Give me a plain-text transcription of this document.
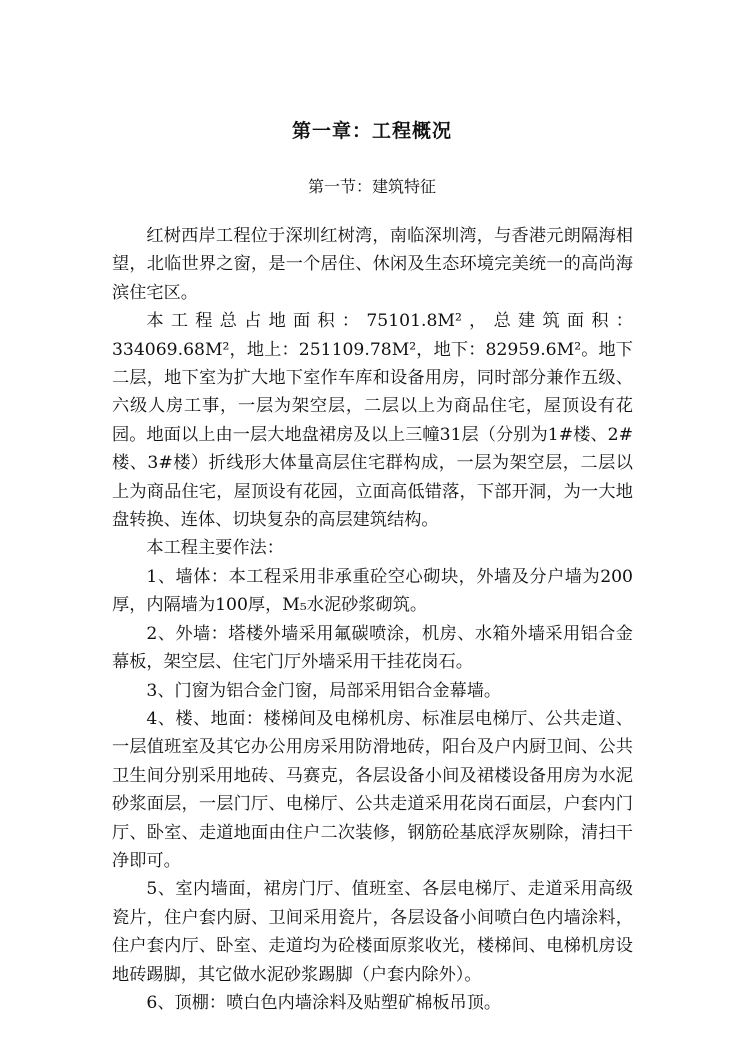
第一章：工程概况
第一节：建筑特征

红树西岸工程位于深圳红树湾，南临深圳湾，与香港元朗隔海相望，北临世界之窗，是一个居住、休闲及生态环境完美统一的高尚海滨住宅区。

本工程总占地面积：75101.8M²，总建筑面积：334069.68M²，地上：251109.78M²，地下：82959.6M²。地下二层，地下室为扩大地下室作车库和设备用房，同时部分兼作五级、六级人房工事，一层为架空层，二层以上为商品住宅，屋顶设有花园。地面以上由一层大地盘裙房及以上三幢31层（分别为1#楼、2#楼、3#楼）折线形大体量高层住宅群构成，一层为架空层，二层以上为商品住宅，屋顶设有花园，立面高低错落，下部开洞，为一大地盘转换、连体、切块复杂的高层建筑结构。

本工程主要作法：

1、墙体：本工程采用非承重砼空心砌块，外墙及分户墙为200厚，内隔墙为100厚，M₅水泥砂浆砌筑。

2、外墙：塔楼外墙采用氟碳喷涂，机房、水箱外墙采用铝合金幕板，架空层、住宅门厅外墙采用干挂花岗石。

3、门窗为铝合金门窗，局部采用铝合金幕墙。

4、楼、地面：楼梯间及电梯机房、标准层电梯厅、公共走道、一层值班室及其它办公用房采用防滑地砖，阳台及户内厨卫间、公共卫生间分别采用地砖、马赛克，各层设备小间及裙楼设备用房为水泥砂浆面层，一层门厅、电梯厅、公共走道采用花岗石面层，户套内门厅、卧室、走道地面由住户二次装修，钢筋砼基底浮灰剔除，清扫干净即可。

5、室内墙面，裙房门厅、值班室、各层电梯厅、走道采用高级瓷片，住户套内厨、卫间采用瓷片，各层设备小间喷白色内墙涂料，住户套内厅、卧室、走道均为砼楼面原浆收光，楼梯间、电梯机房设地砖踢脚，其它做水泥砂浆踢脚（户套内除外）。

6、顶棚：喷白色内墙涂料及贴塑矿棉板吊顶。
